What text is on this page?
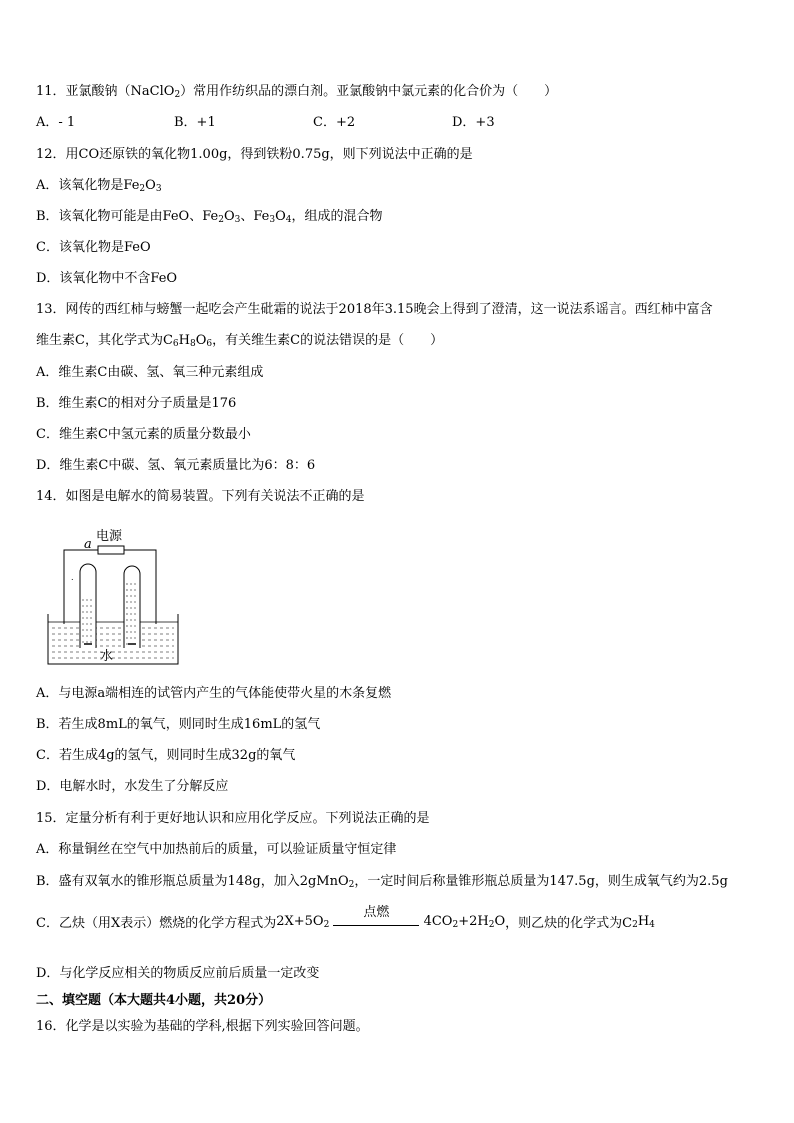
11．亚氯酸钠（NaClO$_2$）常用作纺织品的漂白剂。亚氯酸钠中氯元素的化合价为（　　）
A．- 1	B．+1	C．+2	D．+3
12．用CO还原铁的氧化物1.00g，得到铁粉0.75g，则下列说法中正确的是
A．该氧化物是$Fe_2O_3$
B．该氧化物可能是由FeO、$Fe_2O_3$、$Fe_3O_4$，组成的混合物
C．该氧化物是FeO
D．该氧化物中不含FeO
13．网传的西红柿与螃蟹一起吃会产生砒霜的说法于2018年3.15晚会上得到了澄清，这一说法系谣言。西红柿中富含
维生素C，其化学式为$C_6H_8O_6$，有关维生素C的说法错误的是（　　）
A．维生素C由碳、氢、氧三种元素组成
B．维生素C的相对分子质量是176
C．维生素C中氢元素的质量分数最小
D．维生素C中碳、氢、氧元素质量比为6：8：6
14．如图是电解水的简易装置。下列有关说法不正确的是
电源
a
.
水
A．与电源a端相连的试管内产生的气体能使带火星的木条复燃
B．若生成8mL的氧气，则同时生成16mL的氢气
C．若生成4g的氢气，则同时生成32g的氧气
D．电解水时，水发生了分解反应
15．定量分析有利于更好地认识和应用化学反应。下列说法正确的是
A．称量铜丝在空气中加热前后的质量，可以验证质量守恒定律
B．盛有双氧水的锥形瓶总质量为148g，加入2gMnO$_2$，一定时间后称量锥形瓶总质量为147.5g，则生成氧气约为2.5g
C．乙炔（用X表示）燃烧的化学方程式为$2X+5O_2$
点燃
$4CO_2+2H_2O$，则乙炔的化学式为$C_2H_4$
D．与化学反应相关的物质反应前后质量一定改变
二、填空题（本大题共4小题，共20分）
16．化学是以实验为基础的学科,根据下列实验回答问题。
